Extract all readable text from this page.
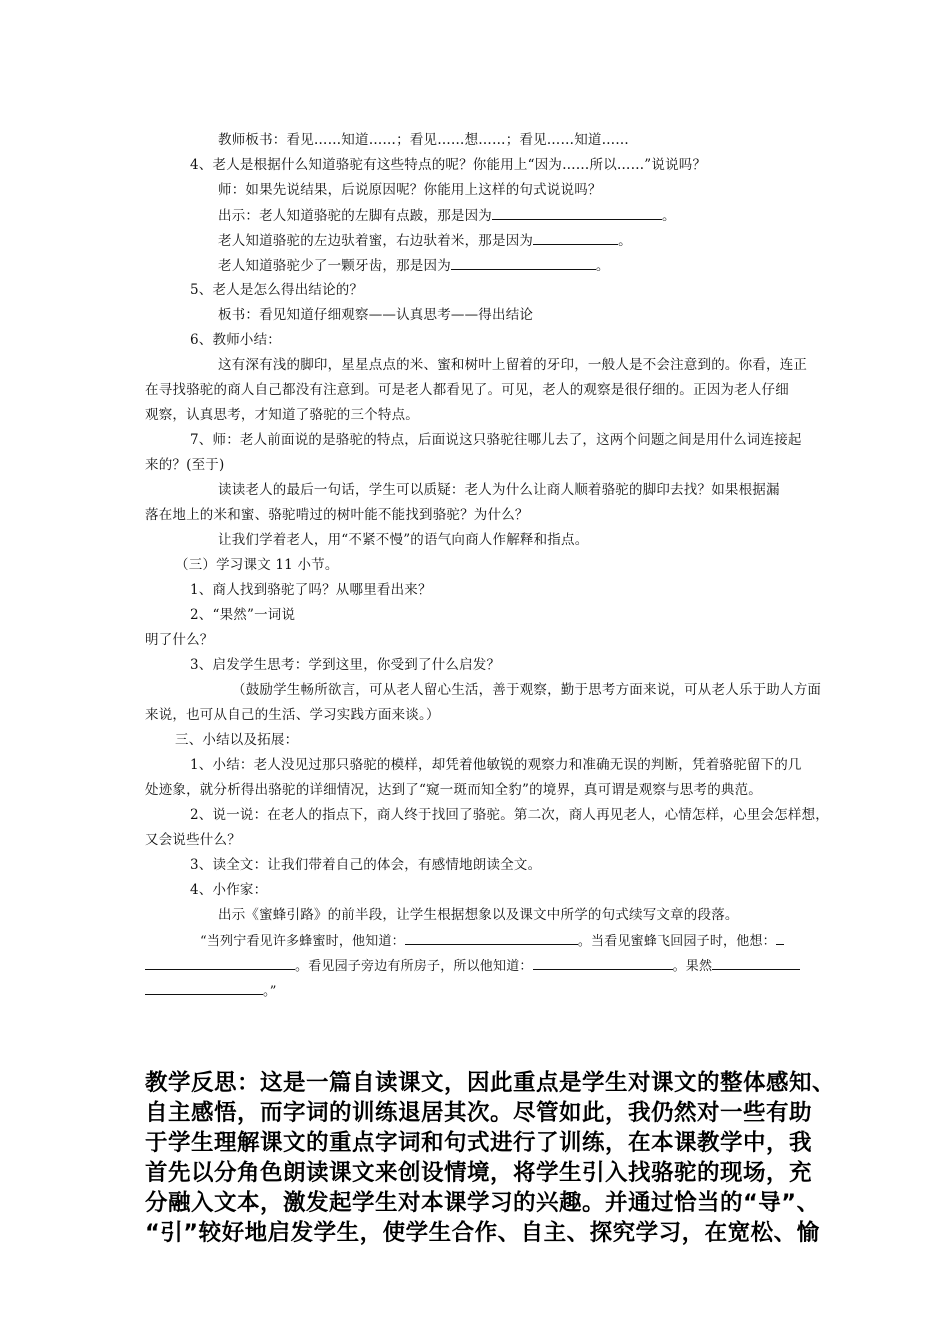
教师板书：看见……知道……；看见……想……；看见……知道……
4、老人是根据什么知道骆驼有这些特点的呢？你能用上“因为……所以……”说说吗？
师：如果先说结果，后说原因呢？你能用上这样的句式说说吗？
出示：老人知道骆驼的左脚有点跛，那是因为	。
老人知道骆驼的左边驮着蜜，右边驮着米，那是因为	。
老人知道骆驼少了一颗牙齿，那是因为	。
5、老人是怎么得出结论的？
板书：看见知道仔细观察——认真思考——得出结论
6、教师小结：
这有深有浅的脚印，星星点点的米、蜜和树叶上留着的牙印，一般人是不会注意到的。你看，连正
在寻找骆驼的商人自己都没有注意到。可是老人都看见了。可见，老人的观察是很仔细的。正因为老人仔细
观察，认真思考，才知道了骆驼的三个特点。
7、师：老人前面说的是骆驼的特点，后面说这只骆驼往哪儿去了，这两个问题之间是用什么词连接起
来的？(至于)
读读老人的最后一句话，学生可以质疑：老人为什么让商人顺着骆驼的脚印去找？如果根据漏
落在地上的米和蜜、骆驼啃过的树叶能不能找到骆驼？为什么？
让我们学着老人，用“不紧不慢”的语气向商人作解释和指点。
（三）学习课文 11 小节。
1、商人找到骆驼了吗？从哪里看出来？
2、“果然”一词说
明了什么？
3、启发学生思考：学到这里，你受到了什么启发？
（鼓励学生畅所欲言，可从老人留心生活，善于观察，勤于思考方面来说，可从老人乐于助人方面
来说，也可从自己的生活、学习实践方面来谈。）
三、小结以及拓展：
1、小结：老人没见过那只骆驼的模样，却凭着他敏锐的观察力和准确无误的判断，凭着骆驼留下的几
处迹象，就分析得出骆驼的详细情况，达到了“窥一斑而知全豹”的境界，真可谓是观察与思考的典范。
2、说一说：在老人的指点下，商人终于找回了骆驼。第二次，商人再见老人，心情怎样，心里会怎样想，
又会说些什么？
3、读全文：让我们带着自己的体会，有感情地朗读全文。
4、小作家：
出示《蜜蜂引路》的前半段，让学生根据想象以及课文中所学的句式续写文章的段落。
“当列宁看见许多蜂蜜时，他知道：	。当看见蜜蜂飞回园子时，他想：
。看见园子旁边有所房子，所以他知道：	。果然
。”
教学反思：这是一篇自读课文，因此重点是学生对课文的整体感知、
自主感悟，而字词的训练退居其次。尽管如此，我仍然对一些有助
于学生理解课文的重点字词和句式进行了训练，在本课教学中，我
首先以分角色朗读课文来创设情境，将学生引入找骆驼的现场，充
分融入文本，激发起学生对本课学习的兴趣。并通过恰当的“导”、
“引”较好地启发学生，使学生合作、自主、探究学习，在宽松、愉
